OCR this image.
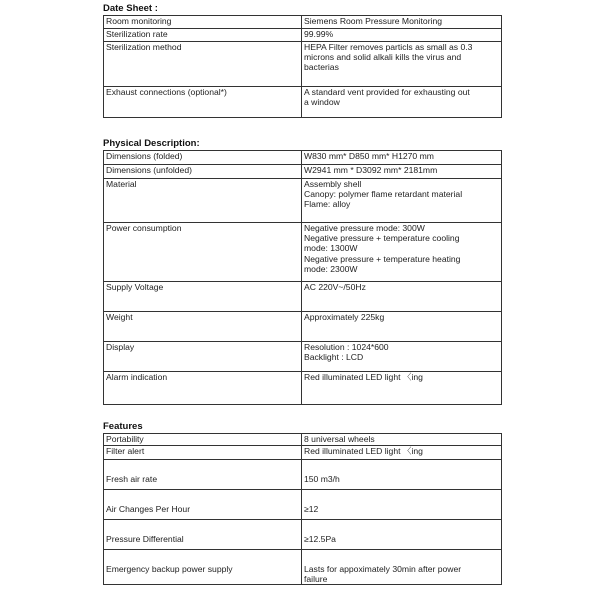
Date Sheet :
Room monitoring	Siemens Room Pressure Monitoring

Sterilization rate	99.99%

Sterilization method	HEPA Filter removes particls as small as 0.3
microns and solid alkali kills the virus and
bacterias

Exhaust connections (optional*)	A standard vent provided for exhausting out
a window
Physical Description:
Dimensions (folded)	W830 mm* D850 mm* H1270 mm

Dimensions (unfolded)	W2941 mm * D3092 mm* 2181mm

Material	Assembly shell
Canopy: polymer flame retardant material
Flame: alloy

Power consumption	Negative pressure mode: 300W
Negative pressure + temperature cooling
mode: 1300W
Negative pressure + temperature heating
mode: 2300W

Supply Voltage	AC 220V~/50Hz

Weight	Approximately 225kg

Display	Resolution : 1024*600
Backlight : LCD

Alarm indication	Red illuminated LED light 〈ing
Features
Portability	8 universal wheels

Filter alert	Red illuminated LED light 〈ing

Fresh air rate	150 m3/h

Air Changes Per Hour	≥12

Pressure Differential	≥12.5Pa

Emergency backup power supply	Lasts for appoximately 30min after power
failure
